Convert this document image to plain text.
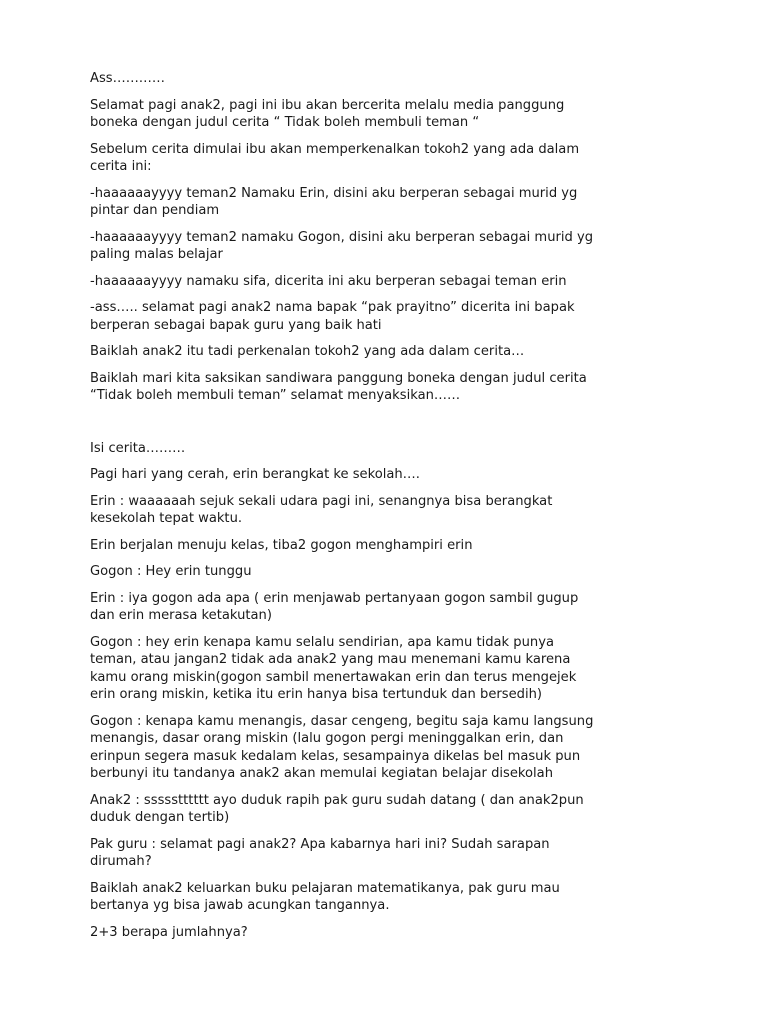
Ass…………

Selamat pagi anak2, pagi ini ibu akan bercerita melalu media panggung
boneka dengan judul cerita “ Tidak boleh membuli teman “

Sebelum cerita dimulai ibu akan memperkenalkan tokoh2 yang ada dalam
cerita ini:

-haaaaaayyyy teman2 Namaku Erin, disini aku berperan sebagai murid yg
pintar dan pendiam

-haaaaaayyyy teman2 namaku Gogon, disini aku berperan sebagai murid yg
paling malas belajar

-haaaaaayyyy namaku sifa, dicerita ini aku berperan sebagai teman erin

-ass….. selamat pagi anak2 nama bapak “pak prayitno” dicerita ini bapak
berperan sebagai bapak guru yang baik hati

Baiklah anak2 itu tadi perkenalan tokoh2 yang ada dalam cerita…

Baiklah mari kita saksikan sandiwara panggung boneka dengan judul cerita
“Tidak boleh membuli teman” selamat menyaksikan……

Isi cerita………

Pagi hari yang cerah, erin berangkat ke sekolah….

Erin : waaaaaah sejuk sekali udara pagi ini, senangnya bisa berangkat
kesekolah tepat waktu.

Erin berjalan menuju kelas, tiba2 gogon menghampiri erin

Gogon : Hey erin tunggu

Erin : iya gogon ada apa ( erin menjawab pertanyaan gogon sambil gugup
dan erin merasa ketakutan)

Gogon : hey erin kenapa kamu selalu sendirian, apa kamu tidak punya
teman, atau jangan2 tidak ada anak2 yang mau menemani kamu karena
kamu orang miskin(gogon sambil menertawakan erin dan terus mengejek
erin orang miskin, ketika itu erin hanya bisa tertunduk dan bersedih)

Gogon : kenapa kamu menangis, dasar cengeng, begitu saja kamu langsung
menangis, dasar orang miskin (lalu gogon pergi meninggalkan erin, dan
erinpun segera masuk kedalam kelas, sesampainya dikelas bel masuk pun
berbunyi itu tandanya anak2 akan memulai kegiatan belajar disekolah

Anak2 : ssssstttttt ayo duduk rapih pak guru sudah datang ( dan anak2pun
duduk dengan tertib)

Pak guru : selamat pagi anak2? Apa kabarnya hari ini? Sudah sarapan
dirumah?

Baiklah anak2 keluarkan buku pelajaran matematikanya, pak guru mau
bertanya yg bisa jawab acungkan tangannya.

2+3 berapa jumlahnya?
